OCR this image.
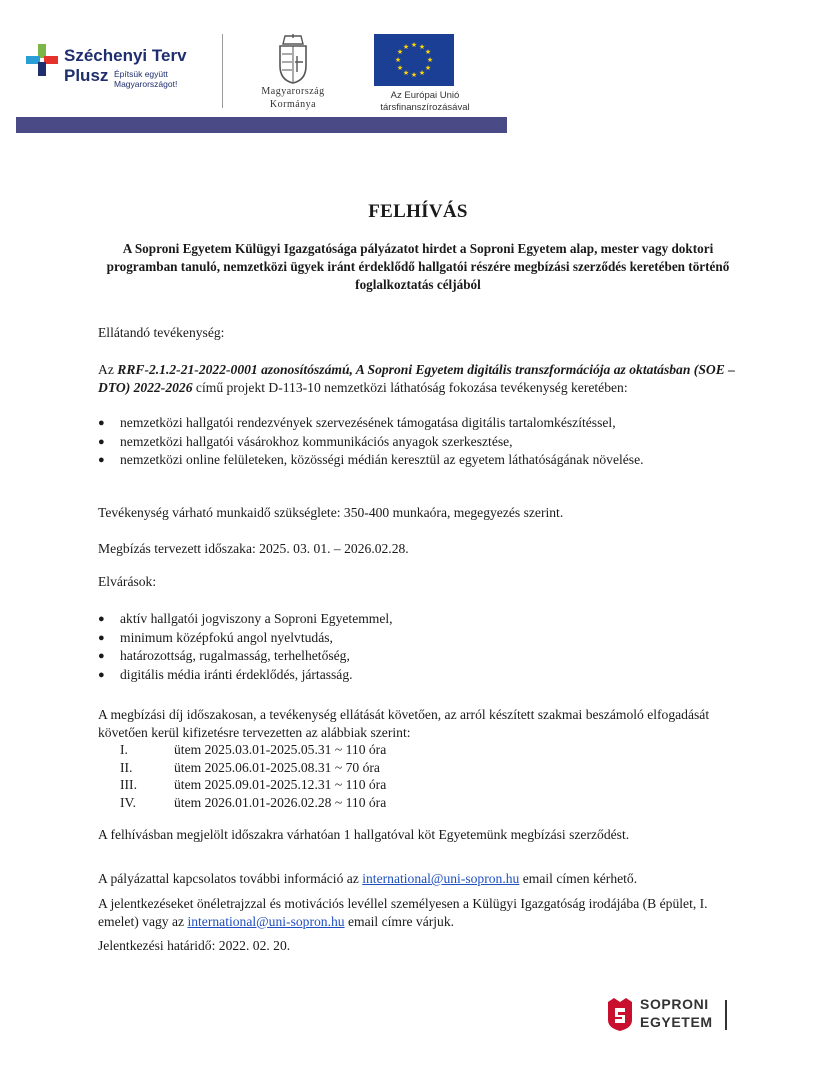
Széchenyi Terv
Plusz Építsük együtt Magyarországot!
Magyarország
Kormánya
★ ★
★
★
★
★
★
★
★
★
★
★
Az Európai Unió
társfinanszírozásával
FELHÍVÁS
A Soproni Egyetem Külügyi Igazgatósága pályázatot hirdet a Soproni Egyetem alap, mester vagy doktori programban tanuló, nemzetközi ügyek iránt érdeklődő hallgatói részére megbízási szerződés keretében történő foglalkoztatás céljából

Ellátandó tevékenység:

Az RRF-2.1.2-21-2022-0001 azonosítószámú, A Soproni Egyetem digitális transzformációja az oktatásban (SOE – DTO) 2022-2026 című projekt D-113-10 nemzetközi láthatóság fokozása tevékenység keretében:

● nemzetközi hallgatói rendezvények szervezésének támogatása digitális tartalomkészítéssel,
● nemzetközi hallgatói vásárokhoz kommunikációs anyagok szerkesztése,
● nemzetközi online felületeken, közösségi médián keresztül az egyetem láthatóságának növelése.

Tevékenység várható munkaidő szükséglete: 350-400 munkaóra, megegyezés szerint.

Megbízás tervezett időszaka: 2025. 03. 01. – 2026.02.28.

Elvárások:

● aktív hallgatói jogviszony a Soproni Egyetemmel,
● minimum középfokú angol nyelvtudás,
● határozottság, rugalmasság, terhelhetőség,
● digitális média iránti érdeklődés, jártasság.

A megbízási díj időszakosan, a tevékenység ellátását követően, az arról készített szakmai beszámoló elfogadását követően kerül kifizetésre tervezetten az alábbiak szerint:

I.	ütem 2025.03.01-2025.05.31 ~ 110 óra
II.	ütem 2025.06.01-2025.08.31 ~ 70 óra
III.	ütem 2025.09.01-2025.12.31 ~ 110 óra
IV.	ütem 2026.01.01-2026.02.28 ~ 110 óra

A felhívásban megjelölt időszakra várhatóan 1 hallgatóval köt Egyetemünk megbízási szerződést.

A pályázattal kapcsolatos további információ az international@uni-sopron.hu email címen kérhető.

A jelentkezéseket önéletrajzzal és motivációs levéllel személyesen a Külügyi Igazgatóság irodájába (B épület, I. emelet) vagy az international@uni-sopron.hu email címre várjuk.

Jelentkezési határidő: 2022. 02. 20.

SOPRONI
EGYETEM
